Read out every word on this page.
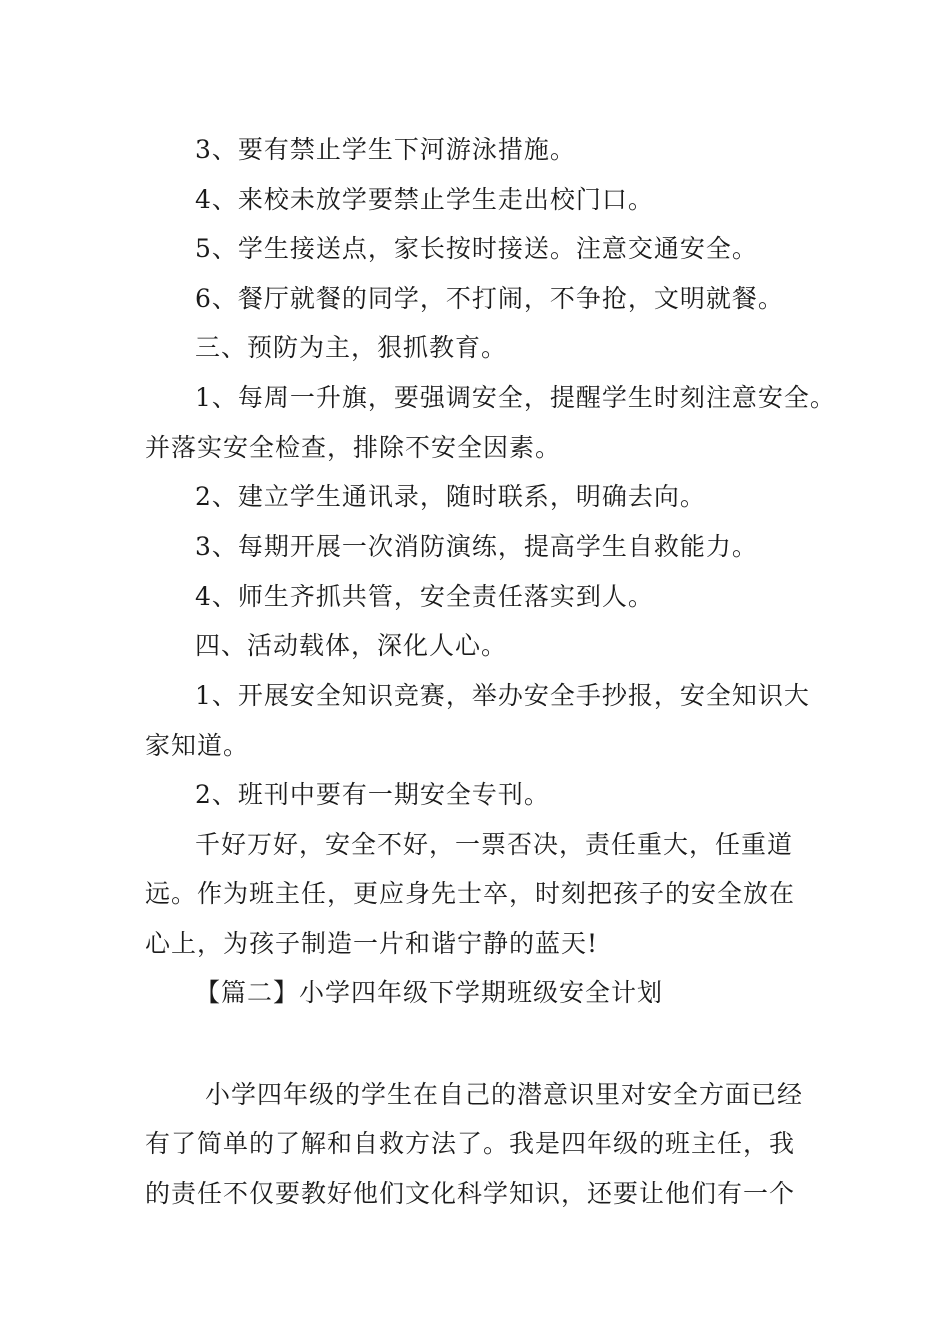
3、要有禁止学生下河游泳措施。
4、来校未放学要禁止学生走出校门口。
5、学生接送点，家长按时接送。注意交通安全。
6、餐厅就餐的同学，不打闹，不争抢，文明就餐。
三、预防为主，狠抓教育。
1、每周一升旗，要强调安全，提醒学生时刻注意安全。
并落实安全检查，排除不安全因素。
2、建立学生通讯录，随时联系，明确去向。
3、每期开展一次消防演练，提高学生自救能力。
4、师生齐抓共管，安全责任落实到人。
四、活动载体，深化人心。
1、开展安全知识竞赛，举办安全手抄报，安全知识大
家知道。
2、班刊中要有一期安全专刊。
千好万好，安全不好，一票否决，责任重大，任重道
远。作为班主任，更应身先士卒，时刻把孩子的安全放在
心上，为孩子制造一片和谐宁静的蓝天!
【篇二】小学四年级下学期班级安全计划
小学四年级的学生在自己的潜意识里对安全方面已经
有了简单的了解和自救方法了。我是四年级的班主任，我
的责任不仅要教好他们文化科学知识，还要让他们有一个
